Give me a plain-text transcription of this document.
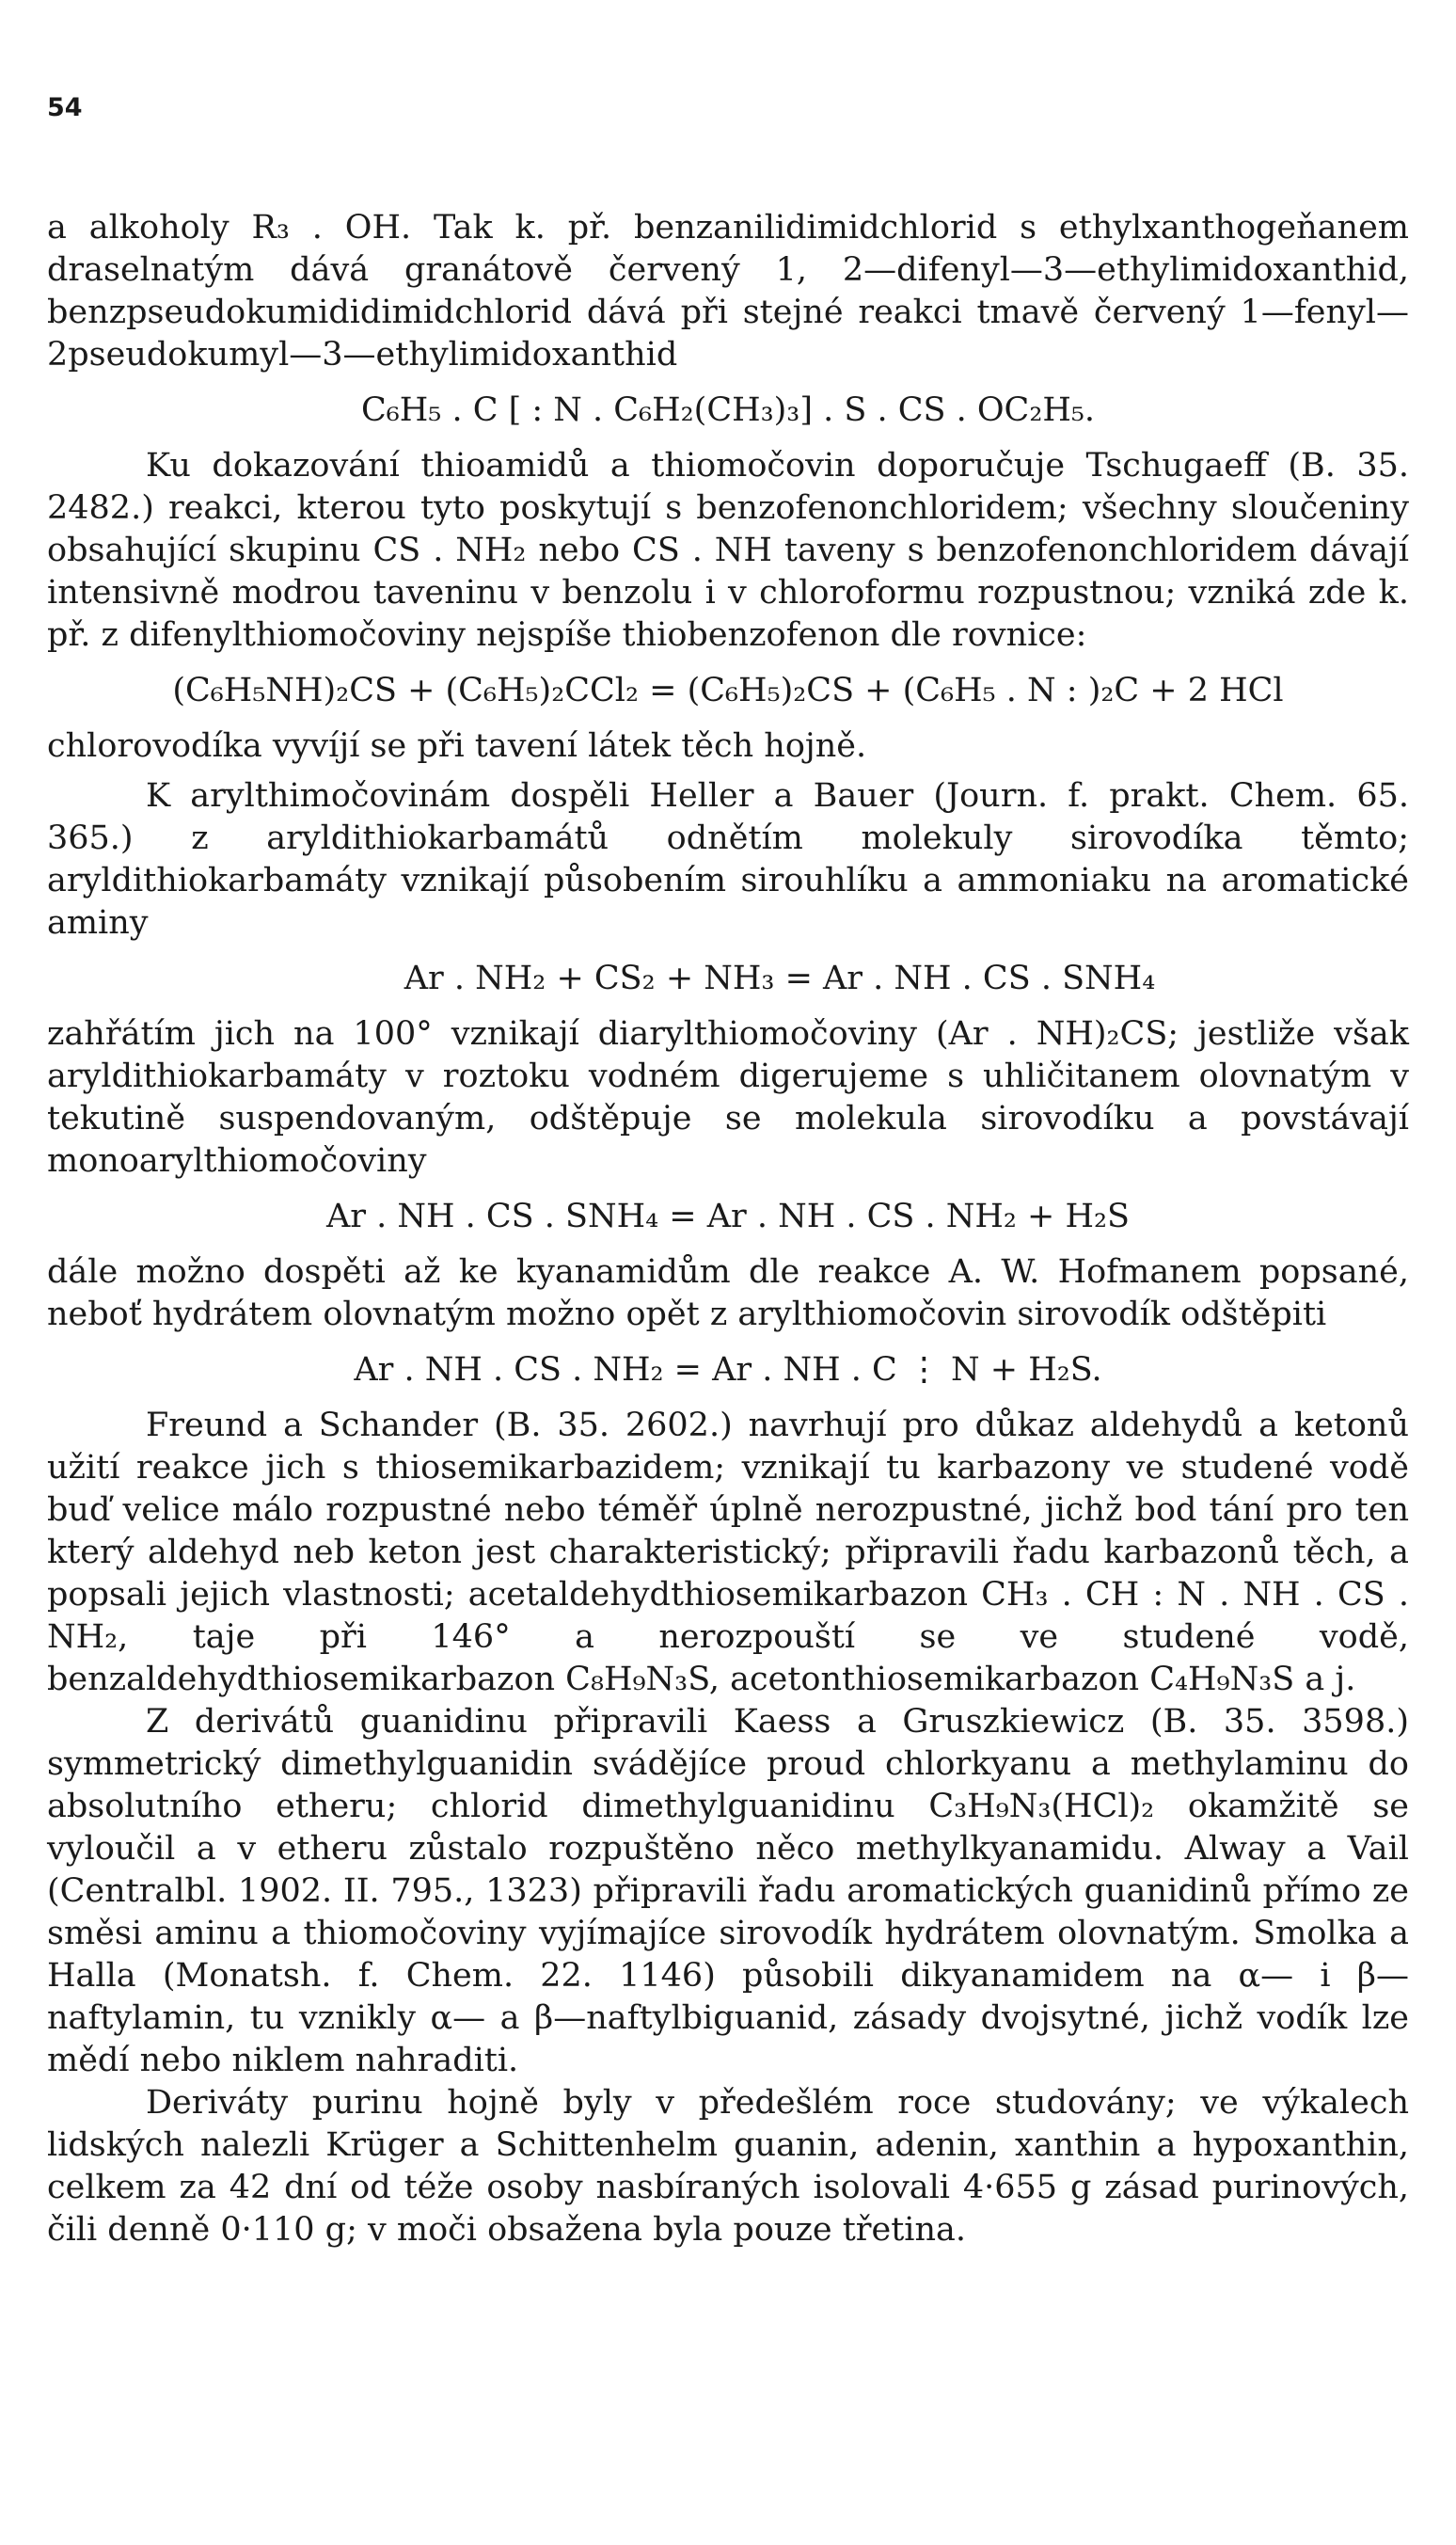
54

a alkoholy R₃ . OH. Tak k. př. benzanilidimidchlorid s ethylxanthogeňanem draselnatým dává granátově červený 1, 2—difenyl—3—ethylimidoxanthid, benzpseudokumididimidchlorid dává při stejné reakci tmavě červený 1—fenyl—2pseudokumyl—3—ethylimidoxanthid

C₆H₅ . C [ : N . C₆H₂(CH₃)₃] . S . CS . OC₂H₅.

Ku dokazování thioamidů a thiomočovin doporučuje Tschugaeff (B. 35. 2482.) reakci, kterou tyto poskytují s benzofenonchloridem; všechny sloučeniny obsahující skupinu CS . NH₂ nebo CS . NH taveny s benzofenonchloridem dávají intensivně modrou taveninu v benzolu i v chloroformu rozpustnou; vzniká zde k. př. z difenylthiomočoviny nejspíše thiobenzofenon dle rovnice:

(C₆H₅NH)₂CS + (C₆H₅)₂CCl₂ = (C₆H₅)₂CS + (C₆H₅ . N : )₂C + 2 HCl

chlorovodíka vyvíjí se při tavení látek těch hojně.

K arylthimočovinám dospěli Heller a Bauer (Journ. f. prakt. Chem. 65. 365.) z aryldithiokarbamátů odnětím molekuly sirovodíka těmto; aryldithiokarbamáty vznikají působením sirouhlíku a ammoniaku na aromatické aminy

Ar . NH₂ + CS₂ + NH₃ = Ar . NH . CS . SNH₄

zahřátím jich na 100° vznikají diarylthiomočoviny (Ar . NH)₂CS; jestliže však aryldithiokarbamáty v roztoku vodném digerujeme s uhličitanem olovnatým v tekutině suspendovaným, odštěpuje se molekula sirovodíku a povstávají monoarylthiomočoviny

Ar . NH . CS . SNH₄ = Ar . NH . CS . NH₂ + H₂S

dále možno dospěti až ke kyanamidům dle reakce A. W. Hofmanem popsané, neboť hydrátem olovnatým možno opět z arylthiomočovin sirovodík odštěpiti

Ar . NH . CS . NH₂ = Ar . NH . C ⋮ N + H₂S.

Freund a Schander (B. 35. 2602.) navrhují pro důkaz aldehydů a ketonů užití reakce jich s thiosemikarbazidem; vznikají tu karbazony ve studené vodě buď velice málo rozpustné nebo téměř úplně nerozpustné, jichž bod tání pro ten který aldehyd neb keton jest charakteristický; připravili řadu karbazonů těch, a popsali jejich vlastnosti; acetaldehydthiosemikarbazon CH₃ . CH : N . NH . CS . NH₂, taje při 146° a nerozpouští se ve studené vodě, benzaldehydthiosemikarbazon C₈H₉N₃S, acetonthiosemikarbazon C₄H₉N₃S a j.

Z derivátů guanidinu připravili Kaess a Gruszkiewicz (B. 35. 3598.) symmetrický dimethylguanidin svádějíce proud chlorkyanu a methylaminu do absolutního etheru; chlorid dimethylguanidinu C₃H₉N₃(HCl)₂ okamžitě se vyloučil a v etheru zůstalo rozpuštěno něco methylkyanamidu. Alway a Vail (Centralbl. 1902. II. 795., 1323) připravili řadu aromatických guanidinů přímo ze směsi aminu a thiomočoviny vyjímajíce sirovodík hydrátem olovnatým. Smolka a Halla (Monatsh. f. Chem. 22. 1146) působili dikyanamidem na α— i β—naftylamin, tu vznikly α— a β—naftylbiguanid, zásady dvojsytné, jichž vodík lze mědí nebo niklem nahraditi.

Deriváty purinu hojně byly v předešlém roce studovány; ve výkalech lidských nalezli Krüger a Schittenhelm guanin, adenin, xanthin a hypoxanthin, celkem za 42 dní od téže osoby nasbíraných isolovali 4·655 g zásad purinových, čili denně 0·110 g; v moči obsažena byla pouze třetina.
